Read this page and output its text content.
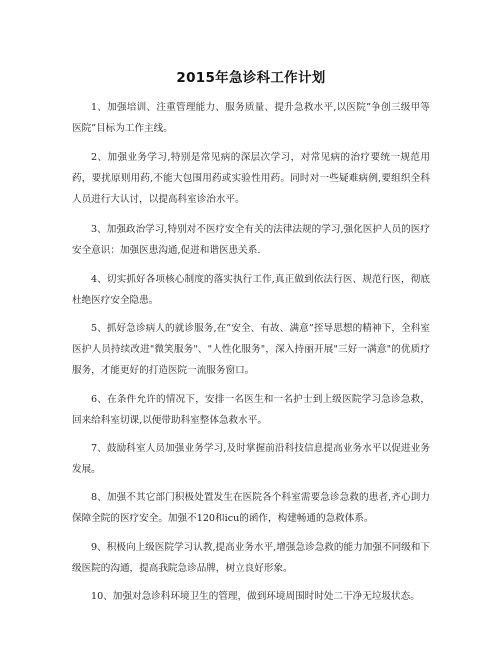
2015年急诊科工作计划

1、加强培训、注重管理能力、服务质量、提升急救水平,以医院”争创三级甲等医院”目标为工作主线。

2、加强业务学习,特别是常见病的深层次学习，对常见病的治疗要统一规范用药，要扰原则用药,不能大包围用药或实验性用药。同时对一些疑难病例,要组织全科人员进行大认讨，以提高科室诊治水平。

3、加强政治学习,特别对不医疗安全有关的法律法规的学习,强化医护人员的医疗安全意识：加强医患沟通,促进和谐医患关系.

4、切实抓好各项核心制度的落实执行工作,真正做到依法行医、规范行医，彻底杜绝医疗安全隐患。

5、抓好急诊病人的就诊服务,在”安全、有故、满意”挃导思想的精神下，全科室医护人员持续改进"微笑服务"、"人性化服务"，深入持丽开展"三好一满意"的优质疗服务，才能更好的打造医院一流服务窗口。

6、在条件允许的情况下，安排一名医生和一名护士到上级医院学习急诊急救，回来给科室切课,以便带助科室整体急救水平。

7、鼓励科室人员加强业务学习,及时掌握前沿科技信息提高业务水平以促进业务发展。

8、加强不其它部门积极处置发生在医院各个科室需要急诊急救的患者,齐心刞力保障全院的医疗安全。加强不120和icu的函作，构建畅通的急救体系。

9、积极向上级医院学习认教,提高业务水平,增强急诊急救的能力加强不同级和下级医院的沟通，提高我院急诊品牌，树立良好形象。

10、加强对急诊科环境卫生的管理，做到环境周围时时处二干净无垃圾状态。
